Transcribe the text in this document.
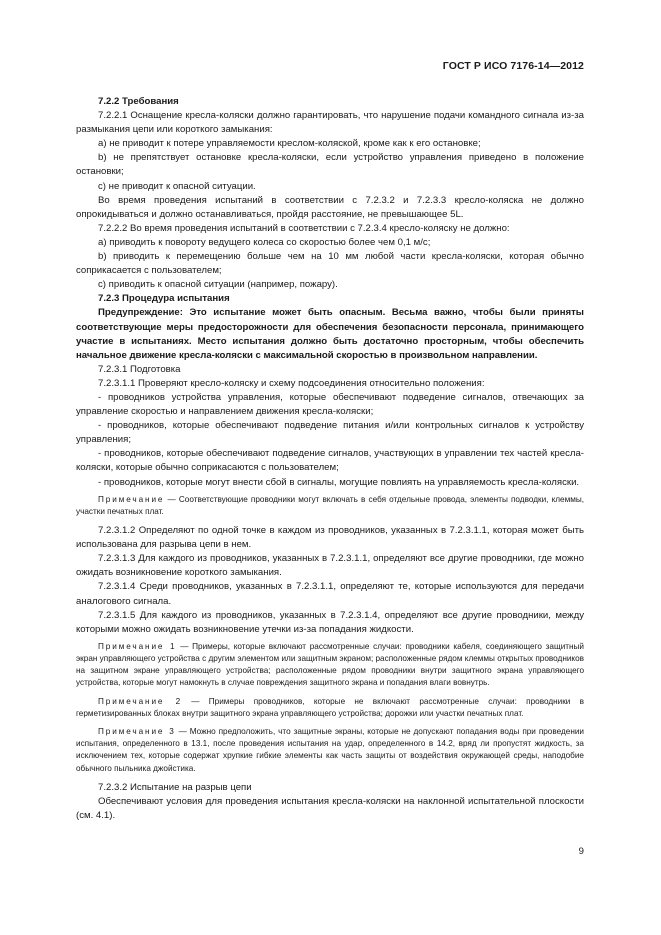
ГОСТ Р ИСО 7176-14—2012

7.2.2 Требования

7.2.2.1 Оснащение кресла-коляски должно гарантировать, что нарушение подачи командного сигнала из-за размыкания цепи или короткого замыкания:

а) не приводит к потере управляемости креслом-коляской, кроме как к его остановке;

b) не препятствует остановке кресла-коляски, если устройство управления приведено в положение остановки;

c) не приводит к опасной ситуации.

Во время проведения испытаний в соответствии с 7.2.3.2 и 7.2.3.3 кресло-коляска не должно опрокидываться и должно останавливаться, пройдя расстояние, не превышающее 5L.

7.2.2.2 Во время проведения испытаний в соответствии с 7.2.3.4 кресло-коляску не должно:

а) приводить к повороту ведущего колеса со скоростью более чем 0,1 м/с;

b) приводить к перемещению больше чем на 10 мм любой части кресла-коляски, которая обычно соприкасается с пользователем;

c) приводить к опасной ситуации (например, пожару).

7.2.3 Процедура испытания

Предупреждение: Это испытание может быть опасным. Весьма важно, чтобы были приняты соответствующие меры предосторожности для обеспечения безопасности персонала, принимающего участие в испытаниях. Место испытания должно быть достаточно просторным, чтобы обеспечить начальное движение кресла-коляски с максимальной скоростью в произвольном направлении.

7.2.3.1 Подготовка

7.2.3.1.1 Проверяют кресло-коляску и схему подсоединения относительно положения:

- проводников устройства управления, которые обеспечивают подведение сигналов, отвечающих за управление скоростью и направлением движения кресла-коляски;

- проводников, которые обеспечивают подведение питания и/или контрольных сигналов к устройству управления;

- проводников, которые обеспечивают подведение сигналов, участвующих в управлении тех частей кресла-коляски, которые обычно соприкасаются с пользователем;

- проводников, которые могут внести сбой в сигналы, могущие повлиять на управляемость кресла-коляски.

Примечание — Соответствующие проводники могут включать в себя отдельные провода, элементы подводки, клеммы, участки печатных плат.

7.2.3.1.2 Определяют по одной точке в каждом из проводников, указанных в 7.2.3.1.1, которая может быть использована для разрыва цепи в нем.

7.2.3.1.3 Для каждого из проводников, указанных в 7.2.3.1.1, определяют все другие проводники, где можно ожидать возникновение короткого замыкания.

7.2.3.1.4 Среди проводников, указанных в 7.2.3.1.1, определяют те, которые используются для передачи аналогового сигнала.

7.2.3.1.5 Для каждого из проводников, указанных в 7.2.3.1.4, определяют все другие проводники, между которыми можно ожидать возникновение утечки из-за попадания жидкости.

Примечание 1 — Примеры, которые включают рассмотренные случаи: проводники кабеля, соединяющего защитный экран управляющего устройства с другим элементом или защитным экраном; расположенные рядом клеммы открытых проводников на защитном экране управляющего устройства; расположенные рядом проводники внутри защитного экрана управляющего устройства, которые могут намокнуть в случае повреждения защитного экрана и попадания влаги вовнутрь.

Примечание 2 — Примеры проводников, которые не включают рассмотренные случаи: проводники в герметизированных блоках внутри защитного экрана управляющего устройства; дорожки или участки печатных плат.

Примечание 3 — Можно предположить, что защитные экраны, которые не допускают попадания воды при проведении испытания, определенного в 13.1, после проведения испытания на удар, определенного в 14.2, вряд ли пропустят жидкость, за исключением тех, которые содержат хрупкие гибкие элементы как часть защиты от воздействия окружающей среды, наподобие обычного пыльника джойстика.

7.2.3.2 Испытание на разрыв цепи

Обеспечивают условия для проведения испытания кресла-коляски на наклонной испытательной плоскости (см. 4.1).

9
